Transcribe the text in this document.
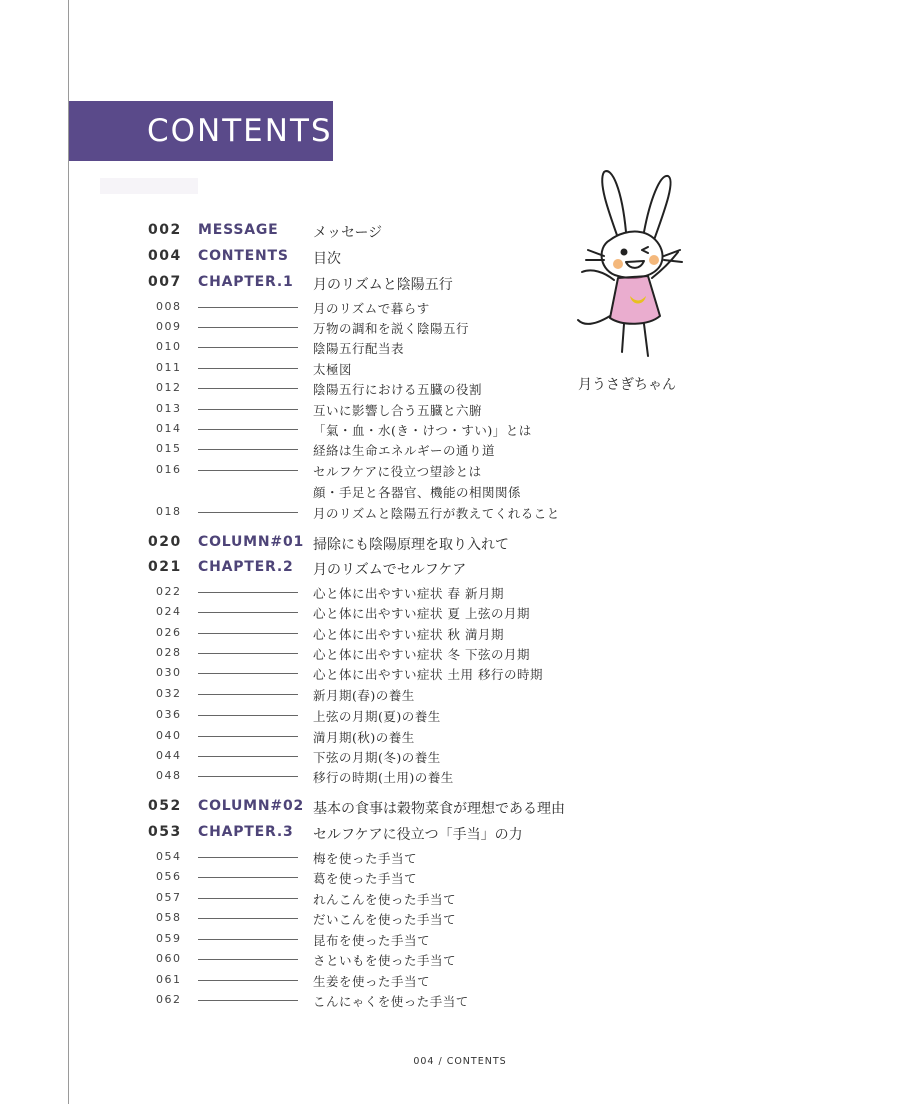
CONTENTS
002 MESSAGE メッセージ
004 CONTENTS 目次
007 CHAPTER.1 月のリズムと陰陽五行
008	月のリズムで暮らす
009	万物の調和を説く陰陽五行
010	陰陽五行配当表
011	太極図
012	陰陽五行における五臓の役割
013	互いに影響し合う五臓と六腑
014	「氣・血・水(き・けつ・すい)」とは
015	経絡は生命エネルギーの通り道
016	セルフケアに役立つ望診とは
顔・手足と各器官、機能の相関関係
018	月のリズムと陰陽五行が教えてくれること
020 COLUMN#01 掃除にも陰陽原理を取り入れて
021 CHAPTER.2 月のリズムでセルフケア
022	心と体に出やすい症状 春 新月期
024	心と体に出やすい症状 夏 上弦の月期
026	心と体に出やすい症状 秋 満月期
028	心と体に出やすい症状 冬 下弦の月期
030	心と体に出やすい症状 土用 移行の時期
032	新月期(春)の養生
036	上弦の月期(夏)の養生
040	満月期(秋)の養生
044	下弦の月期(冬)の養生
048	移行の時期(土用)の養生
052 COLUMN#02 基本の食事は穀物菜食が理想である理由
053 CHAPTER.3 セルフケアに役立つ「手当」の力
054	梅を使った手当て
056	葛を使った手当て
057	れんこんを使った手当て
058	だいこんを使った手当て
059	昆布を使った手当て
060	さといもを使った手当て
061	生姜を使った手当て
062	こんにゃくを使った手当て
月うさぎちゃん
004 / CONTENTS
